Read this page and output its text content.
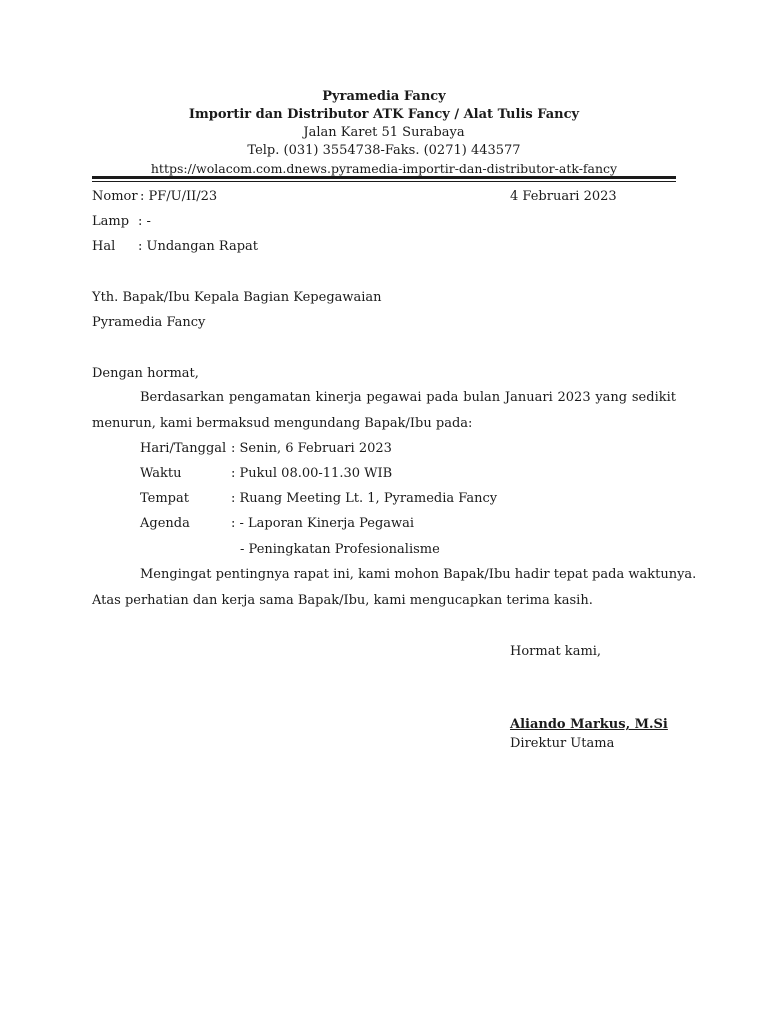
Pyramedia Fancy
Importir dan Distributor ATK Fancy / Alat Tulis Fancy
Jalan Karet 51 Surabaya
Telp. (031) 3554738-Faks. (0271) 443577
https://wolacom.com.dnews.pyramedia-importir-dan-distributor-atk-fancy
Nomor : PF/U/II/23	4 Februari 2023
Lamp : -
Hal : Undangan Rapat
Yth. Bapak/Ibu Kepala Bagian Kepegawaian
Pyramedia Fancy
Dengan hormat,
Berdasarkan pengamatan kinerja pegawai pada bulan Januari 2023 yang sedikit
menurun, kami bermaksud mengundang Bapak/Ibu pada:
Hari/Tanggal : Senin, 6 Februari 2023
Waktu	: Pukul 08.00-11.30 WIB
Tempat	: Ruang Meeting Lt. 1, Pyramedia Fancy
Agenda	: - Laporan Kinerja Pegawai
- Peningkatan Profesionalisme
Mengingat pentingnya rapat ini, kami mohon Bapak/Ibu hadir tepat pada waktunya.
Atas perhatian dan kerja sama Bapak/Ibu, kami mengucapkan terima kasih.
Hormat kami,
Aliando Markus, M.Si
Direktur Utama
